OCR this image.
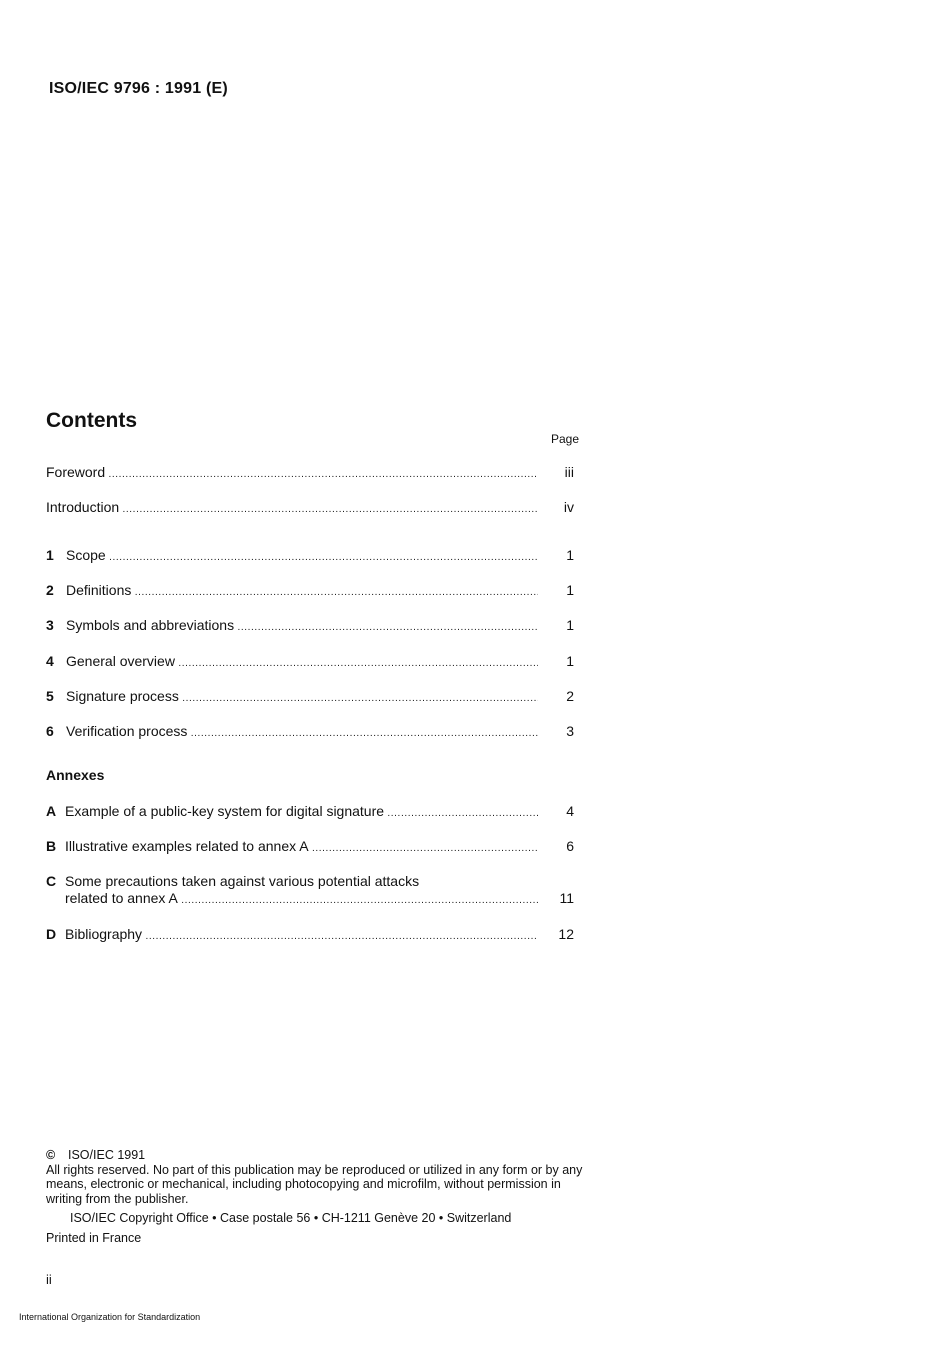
ISO/IEC 9796 : 1991 (E)
Contents
Page
Foreword .....	iii
Introduction .....	iv
1 Scope .....	1
2 Definitions .....	1
3 Symbols and abbreviations .....	1
4 General overview .....	1
5 Signature process .....	2
6 Verification process .....	3
Annexes
A Example of a public-key system for digital signature .....	4
B Illustrative examples related to annex A .....	6
C Some precautions taken against various potential attacks
related to annex A .....	11
D Bibliography .....	12

© ISO/IEC 1991

All rights reserved. No part of this publication may be reproduced or utilized in any form or by any means, electronic or mechanical, including photocopying and microfilm, without permission in writing from the publisher.

ISO/IEC Copyright Office • Case postale 56 • CH-1211 Genève 20 • Switzerland

Printed in France

ii
International Organization for Standardization
